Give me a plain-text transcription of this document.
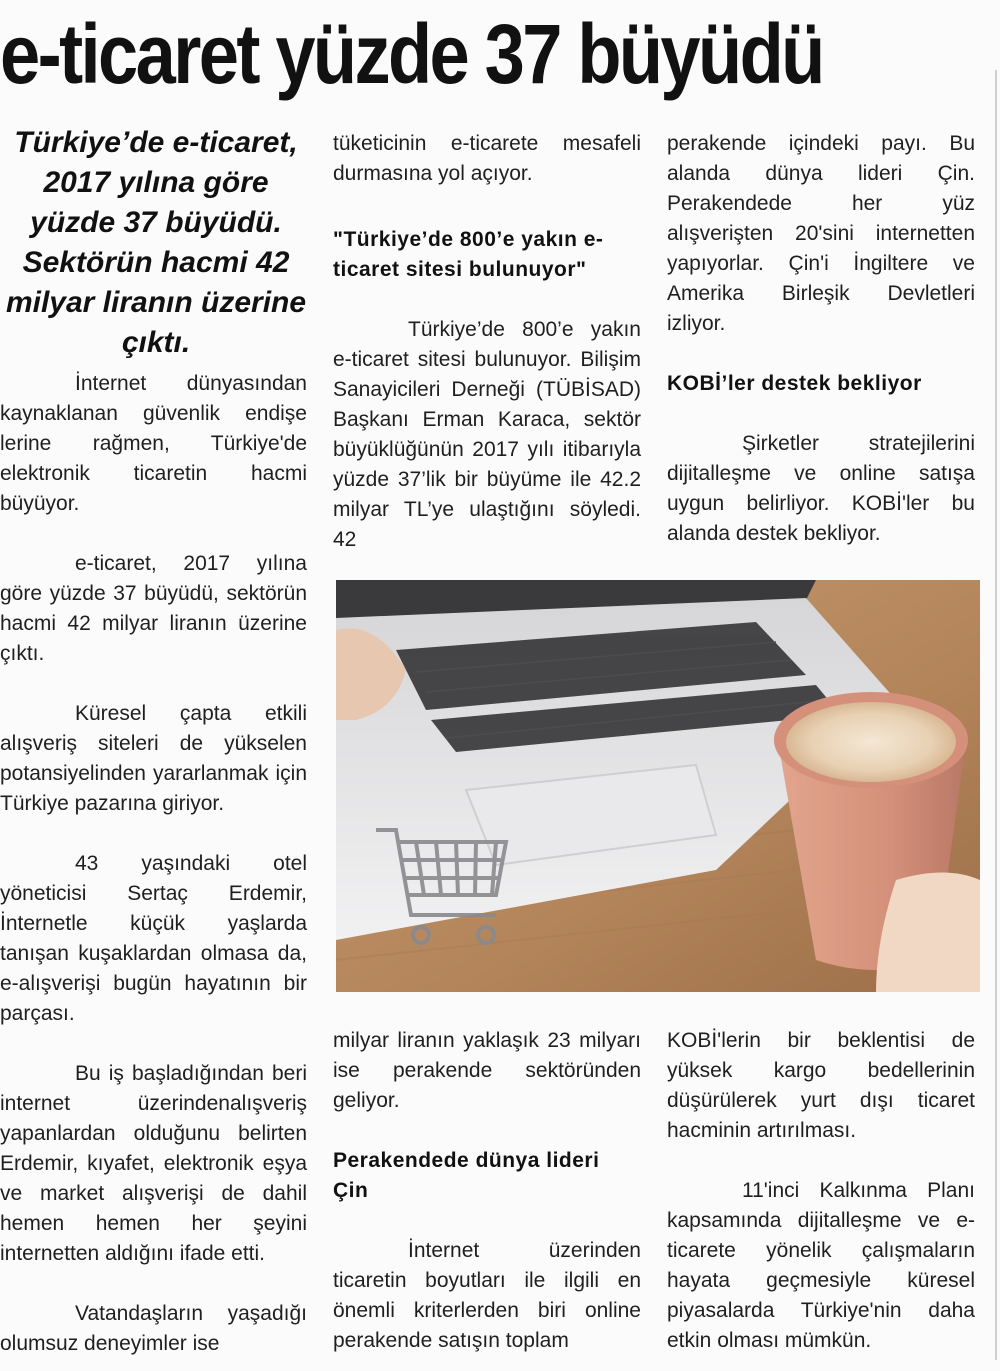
e-ticaret yüzde 37 büyüdü
Türkiye’de e-ticaret, 2017 yılına göre yüzde 37 büyüdü. Sektörün hacmi 42 milyar liranın üzerine çıktı.

İnternet dünyasından kaynaklanan güvenlik endişe lerine rağmen, Türkiye'de elektronik ticaretin hacmi büyüyor.

e-ticaret, 2017 yılına göre yüzde 37 büyüdü, sektörün hacmi 42 milyar liranın üzerine çıktı.

Küresel çapta etkili alışveriş siteleri de yükselen potansiyelinden yararlanmak için Türkiye pazarına giriyor.

43 yaşındaki otel yöneticisi Sertaç Erdemir, İnternetle küçük yaşlarda tanışan kuşaklardan olmasa da, e-alışverişi bugün hayatının bir parçası.

Bu iş başladığından beri internet üzerindenalışveriş yapanlardan olduğunu belirten Erdemir, kıyafet, elektronik eşya ve market alışverişi de dahil hemen hemen her şeyini internetten aldığını ifade etti.

Vatandaşların yaşadığı olumsuz deneyimler ise

tüketicinin e-ticarete mesafeli durmasına yol açıyor.

"Türkiye’de 800’e yakın e-ticaret sitesi bulunuyor"

Türkiye’de 800’e yakın e-ticaret sitesi bulunuyor. Bilişim Sanayicileri Derneği (TÜBİSAD) Başkanı Erman Karaca, sektör büyüklüğünün 2017 yılı itibarıyla yüzde 37’lik bir büyüme ile 42.2 milyar TL’ye ulaştığını söyledi. 42

perakende içindeki payı. Bu alanda dünya lideri Çin. Perakendede her yüz alışverişten 20'sini internetten yapıyorlar. Çin'i İngiltere ve Amerika Birleşik Devletleri izliyor.

KOBİ’ler destek bekliyor

Şirketler stratejilerini dijitalleşme ve online satışa uygun belirliyor. KOBİ'ler bu alanda destek bekliyor.

milyar liranın yaklaşık 23 milyarı ise perakende sektöründen geliyor.

Perakendede dünya lideri Çin

İnternet üzerinden ticaretin boyutları ile ilgili en önemli kriterlerden biri online perakende satışın toplam

KOBİ'lerin bir beklentisi de yüksek kargo bedellerinin düşürülerek yurt dışı ticaret hacminin artırılması.

11'inci Kalkınma Planı kapsamında dijitalleşme ve e-ticarete yönelik çalışmaların hayata geçmesiyle küresel piyasalarda Türkiye'nin daha etkin olması mümkün.
